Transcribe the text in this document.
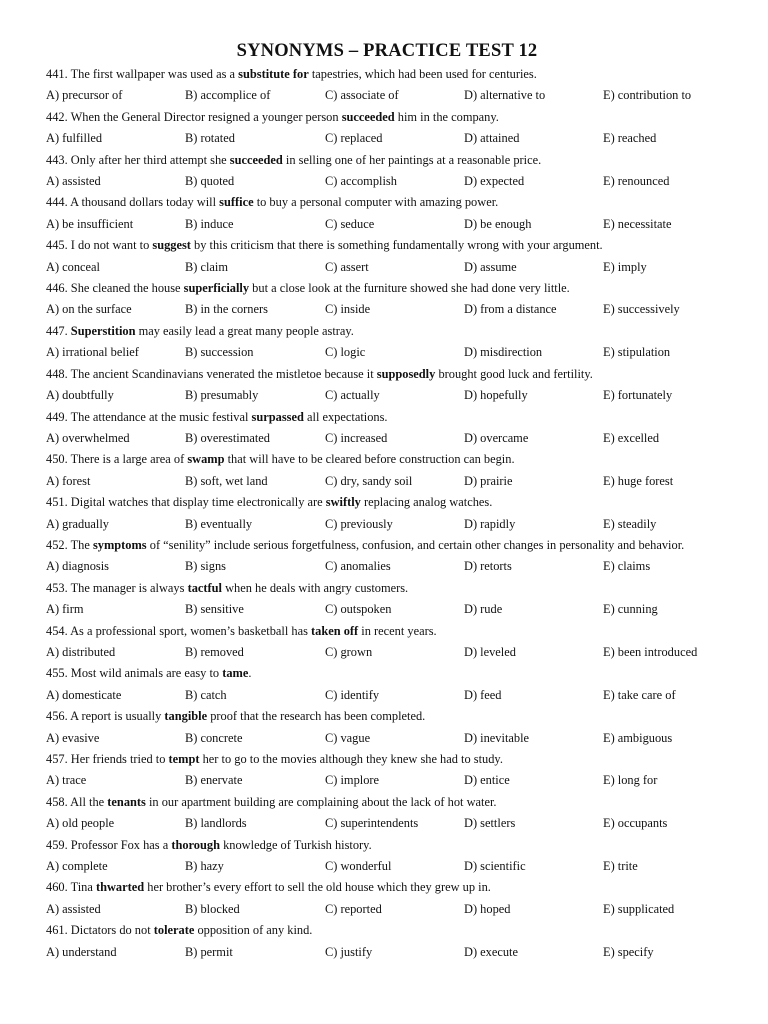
SYNONYMS – PRACTICE TEST 12
441. The first wallpaper was used as a substitute for tapestries, which had been used for centuries.
A) precursor of	B) accomplice of	C) associate of	D) alternative to	E) contribution to
442. When the General Director resigned a younger person succeeded him in the company.
A) fulfilled	B) rotated	C) replaced	D) attained	E) reached
443. Only after her third attempt she succeeded in selling one of her paintings at a reasonable price.
A) assisted	B) quoted	C) accomplish	D) expected	E) renounced
444. A thousand dollars today will suffice to buy a personal computer with amazing power.
A) be insufficient	B) induce	C) seduce	D) be enough	E) necessitate
445. I do not want to suggest by this criticism that there is something fundamentally wrong with your argument.
A) conceal	B) claim	C) assert	D) assume	E) imply
446. She cleaned the house superficially but a close look at the furniture showed she had done very little.
A) on the surface	B) in the corners	C) inside	D) from a distance	E) successively
447. Superstition may easily lead a great many people astray.
A) irrational belief	B) succession	C) logic	D) misdirection	E) stipulation
448. The ancient Scandinavians venerated the mistletoe because it supposedly brought good luck and fertility.
A) doubtfully	B) presumably	C) actually	D) hopefully	E) fortunately
449. The attendance at the music festival surpassed all expectations.
A) overwhelmed	B) overestimated	C) increased	D) overcame	E) excelled
450. There is a large area of swamp that will have to be cleared before construction can begin.
A) forest	B) soft, wet land	C) dry, sandy soil	D) prairie	E) huge forest
451. Digital watches that display time electronically are swiftly replacing analog watches.
A) gradually	B) eventually	C) previously	D) rapidly	E) steadily
452. The symptoms of “senility” include serious forgetfulness, confusion, and certain other changes in personality and behavior.
A) diagnosis	B) signs	C) anomalies	D) retorts	E) claims
453. The manager is always tactful when he deals with angry customers.
A) firm	B) sensitive	C) outspoken	D) rude	E) cunning
454. As a professional sport, women’s basketball has taken off in recent years.
A) distributed	B) removed	C) grown	D) leveled	E) been introduced
455. Most wild animals are easy to tame.
A) domesticate	B) catch	C) identify	D) feed	E) take care of
456. A report is usually tangible proof that the research has been completed.
A) evasive	B) concrete	C) vague	D) inevitable	E) ambiguous
457. Her friends tried to tempt her to go to the movies although they knew she had to study.
A) trace	B) enervate	C) implore	D) entice	E) long for
458. All the tenants in our apartment building are complaining about the lack of hot water.
A) old people	B) landlords	C) superintendents	D) settlers	E) occupants
459. Professor Fox has a thorough knowledge of Turkish history.
A) complete	B) hazy	C) wonderful	D) scientific	E) trite
460. Tina thwarted her brother’s every effort to sell the old house which they grew up in.
A) assisted	B) blocked	C) reported	D) hoped	E) supplicated
461. Dictators do not tolerate opposition of any kind.
A) understand	B) permit	C) justify	D) execute	E) specify
